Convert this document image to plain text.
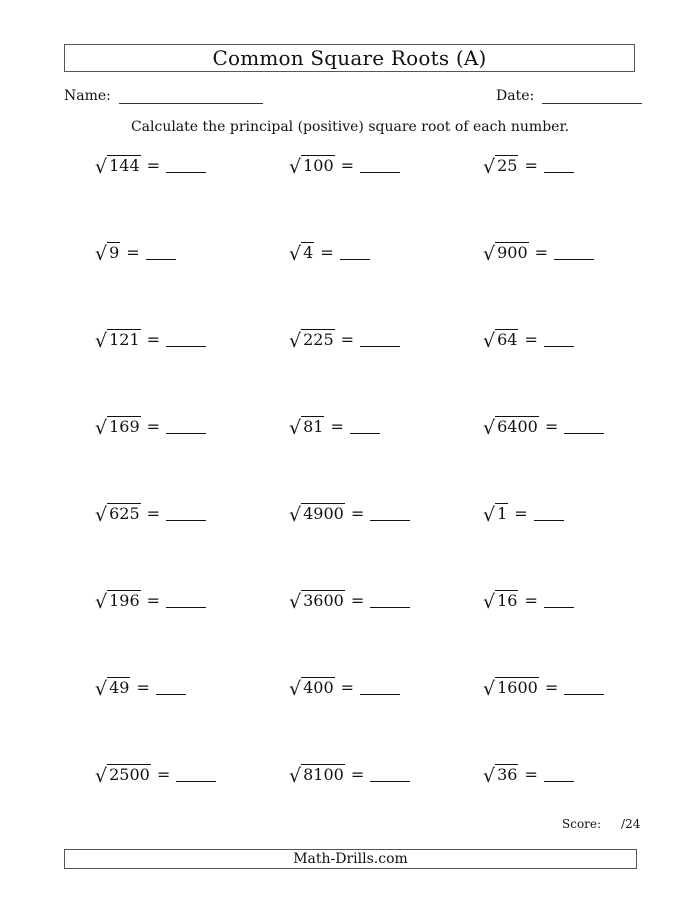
Common Square Roots (A)
Name:	Date:
Calculate the principal (positive) square root of each number.
√ 144 =	√ 100 =	√ 25 =
√ 9 =	√ 4 =	√ 900 =
√ 121 =	√ 225 =	√ 64 =
√ 169 =	√ 81 =	√ 6400 =
√ 625 =	√ 4900 =	√ 1 =
√ 196 =	√ 3600 =	√ 16 =
√ 49 =	√ 400 =	√ 1600 =
√ 2500 =	√ 8100 =	√ 36 =
Score: /24
Math-Drills.com
